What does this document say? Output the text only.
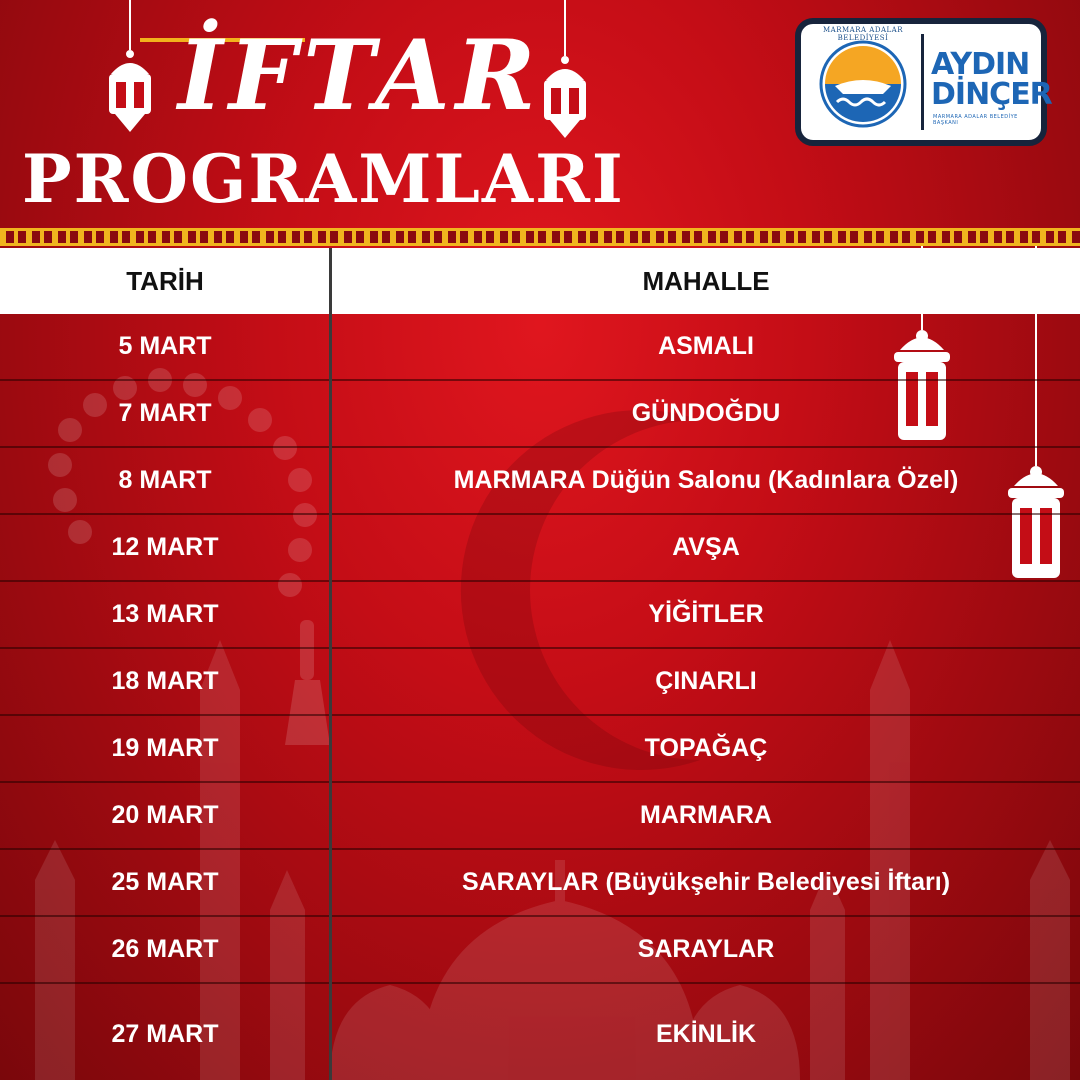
İFTAR
PROGRAMLARI
MARMARA ADALAR BELEDİYESİ
AYDIN
DİNÇER
MARMARA ADALAR BELEDİYE BAŞKANI
TARİH	MAHALLE
5 MART	ASMALI
7 MART	GÜNDOĞDU
8 MART	MARMARA Düğün Salonu (Kadınlara Özel)
12 MART	AVŞA
13 MART	YİĞİTLER
18 MART	ÇINARLI
19 MART	TOPAĞAÇ
20 MART	MARMARA
25 MART	SARAYLAR (Büyükşehir Belediyesi İftarı)
26 MART	SARAYLAR
27 MART	EKİNLİK
